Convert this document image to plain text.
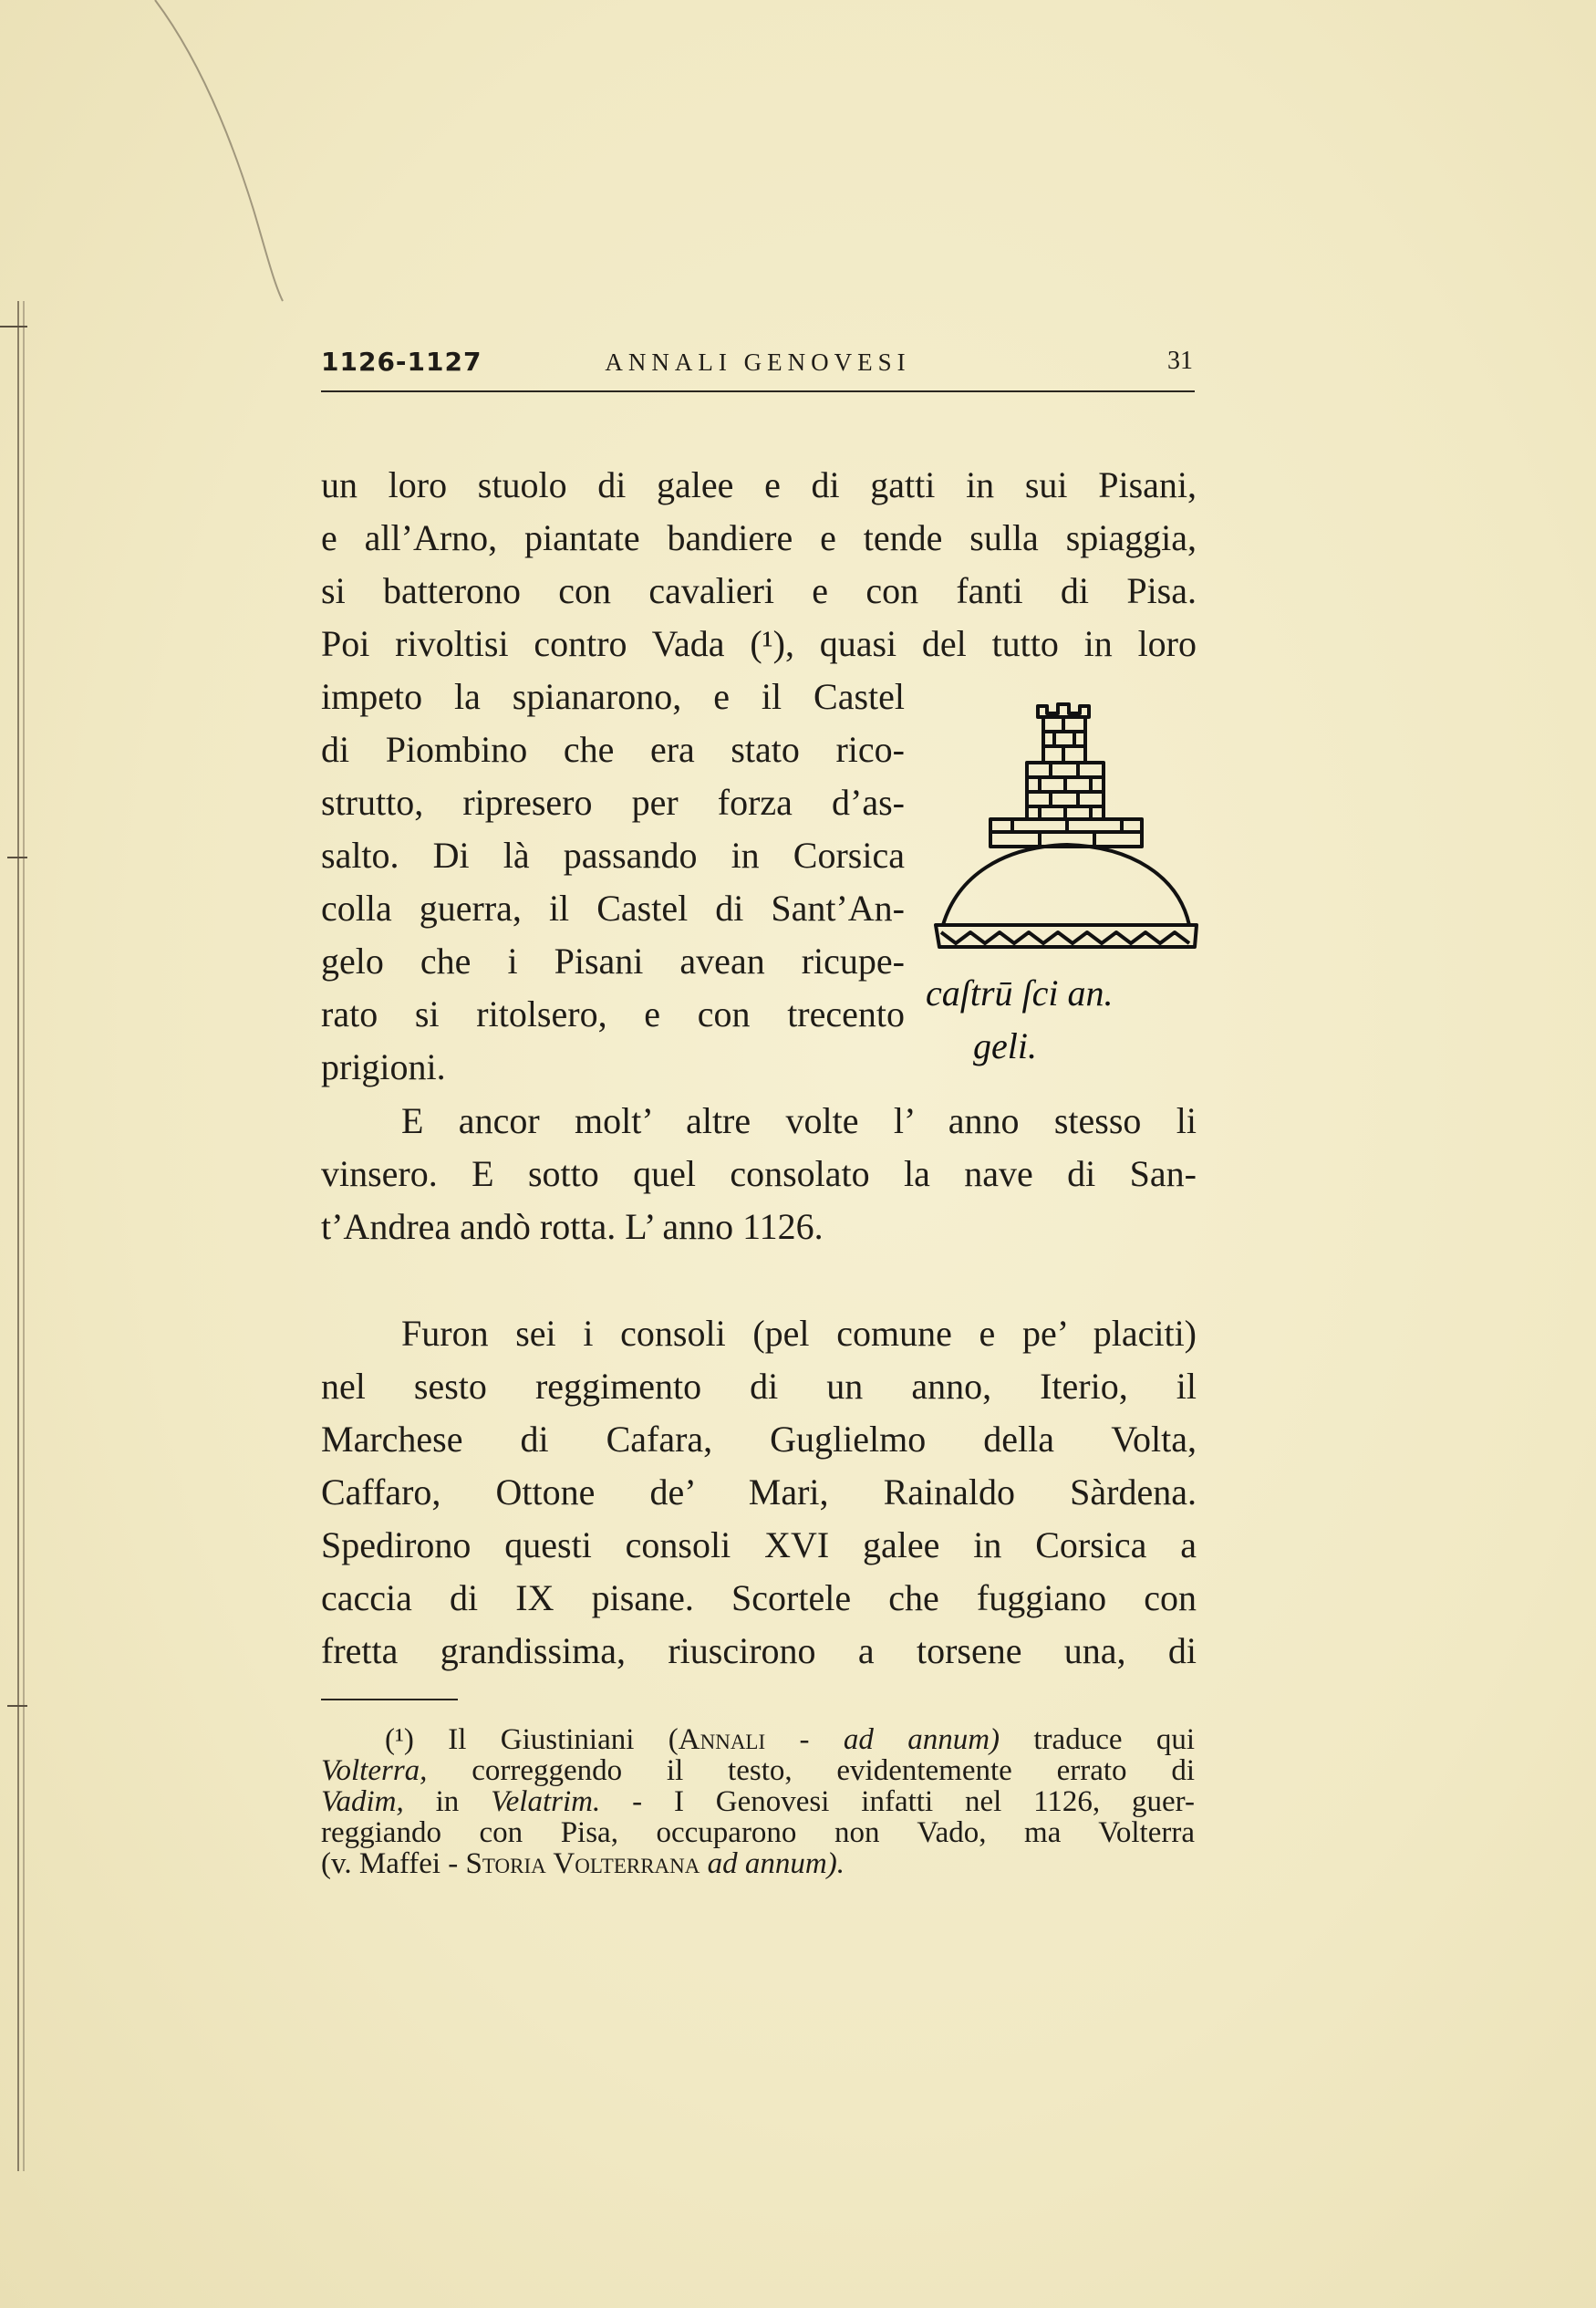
1126-1127	ANNALI GENOVESI	31
un loro stuolo di galee e di gatti in sui Pisani,
e all’Arno, piantate bandiere e tende sulla spiaggia,
si batterono con cavalieri e con fanti di Pisa.
Poi rivoltisi contro Vada (¹), quasi del tutto in loro
impeto la spianarono, e il Castel
di Piombino che era stato rico-
strutto, ripresero per forza d’as-
salto. Di là passando in Corsica
colla guerra, il Castel di Sant’An-
gelo che i Pisani avean ricupe-
rato si ritolsero, e con trecento
prigioni.
caſtrū ſci an.
geli.
E ancor molt’ altre volte l’ anno stesso li
vinsero. E sotto quel consolato la nave di San-
t’Andrea andò rotta. L’ anno 1126.
Furon sei i consoli (pel comune e pe’ placiti)
nel sesto reggimento di un anno, Iterio, il
Marchese di Cafara, Guglielmo della Volta,
Caffaro, Ottone de’ Mari, Rainaldo Sàrdena.
Spedirono questi consoli XVI galee in Corsica a
caccia di IX pisane. Scortele che fuggiano con
fretta grandissima, riuscirono a torsene una, di
(¹) Il Giustiniani (Annali - ad annum) traduce qui
Volterra, correggendo il testo, evidentemente errato di
Vadim, in Velatrim. - I Genovesi infatti nel 1126, guer-
reggiando con Pisa, occuparono non Vado, ma Volterra
(v. Maffei - Storia Volterrana ad annum).
